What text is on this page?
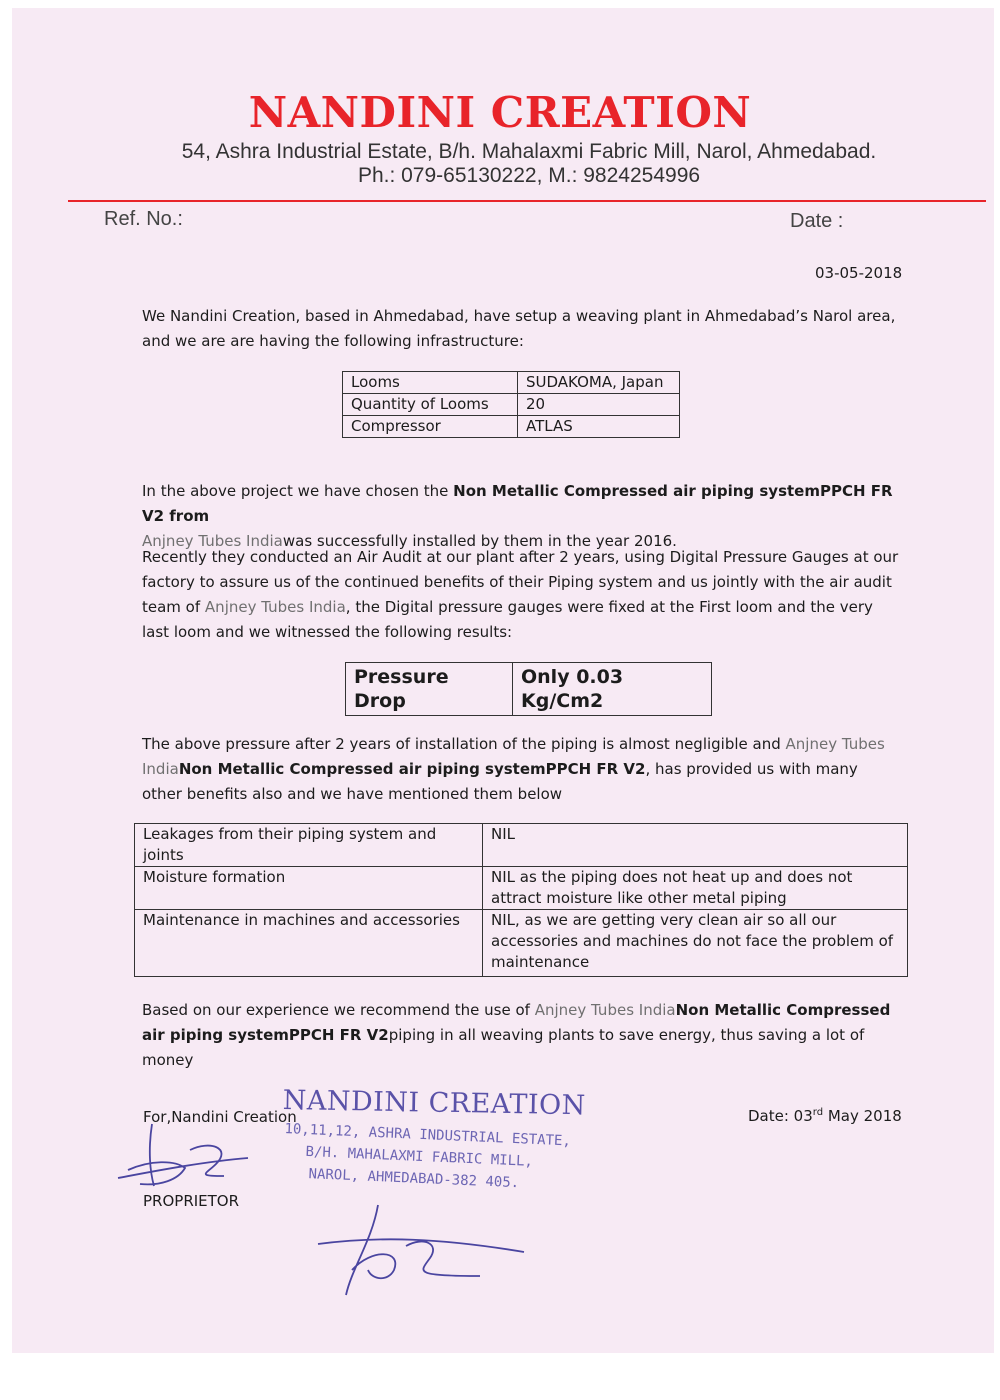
NANDINI CREATION
54, Ashra Industrial Estate, B/h. Mahalaxmi Fabric Mill, Narol, Ahmedabad.
Ph.: 079-65130222, M.: 9824254996
Ref. No.:	Date :
03-05-2018
We Nandini Creation, based in Ahmedabad, have setup a weaving plant in Ahmedabad’s Narol area, and we are are having the following infrastructure:
Looms	SUDAKOMA, Japan
Quantity of Looms	20
Compressor	ATLAS
In the above project we have chosen the Non Metallic Compressed air piping systemPPCH FR V2 from
Anjney Tubes Indiawas successfully installed by them in the year 2016.
Recently they conducted an Air Audit at our plant after 2 years, using Digital Pressure Gauges at our factory to assure us of the continued benefits of their Piping system and us jointly with the air audit team of Anjney Tubes India, the Digital pressure gauges were fixed at the First loom and the very last loom and we witnessed the following results:
Pressure Drop	Only 0.03 Kg/Cm2
The above pressure after 2 years of installation of the piping is almost negligible and Anjney Tubes IndiaNon Metallic Compressed air piping systemPPCH FR V2, has provided us with many other benefits also and we have mentioned them below
Leakages from their piping system and joints	NIL
Moisture formation	NIL as the piping does not heat up and does not attract moisture like other metal piping
Maintenance in machines and accessories	NIL, as we are getting very clean air so all our accessories and machines do not face the problem of maintenance
Based on our experience we recommend the use of Anjney Tubes IndiaNon Metallic Compressed air piping systemPPCH FR V2piping in all weaving plants to save energy, thus saving a lot of money
For,Nandini Creation
PROPRIETOR
Date: 03rd May 2018
NANDINI CREATION
10,11,12, ASHRA INDUSTRIAL ESTATE,
B/H. MAHALAXMI FABRIC MILL,
NAROL, AHMEDABAD-382 405.
